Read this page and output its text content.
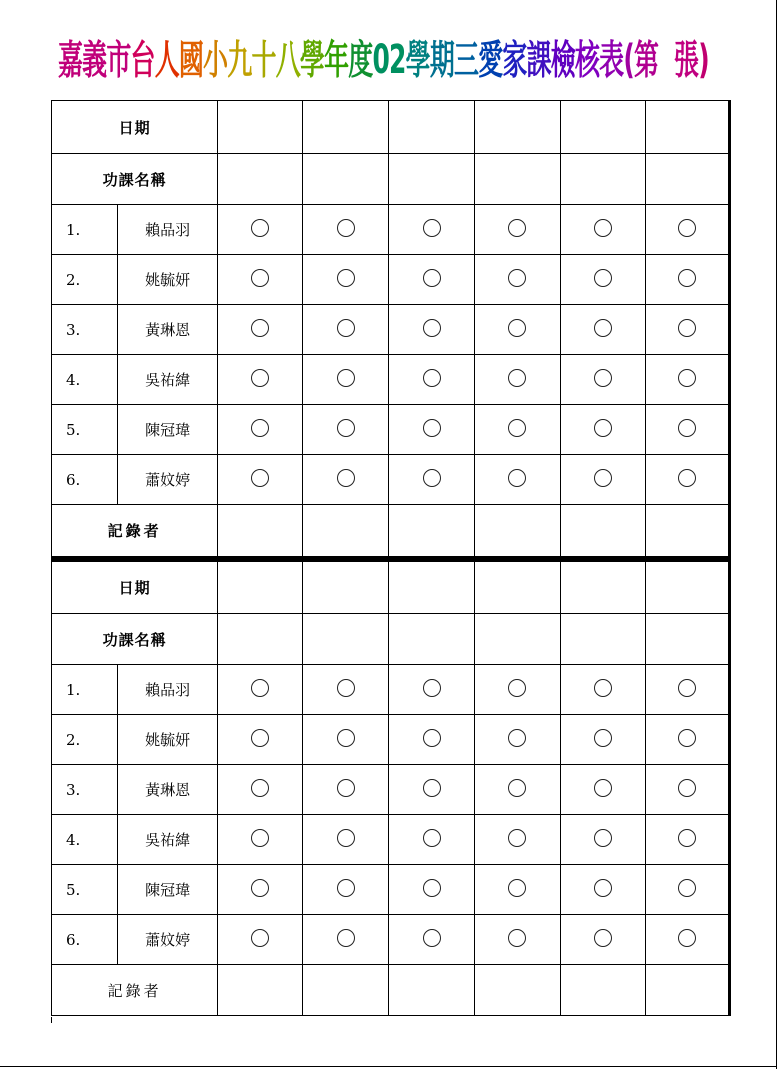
嘉義市台人國小九十八學年度02學期三愛家課檢核表(第 張)
日期							
功課名稱							
1.	賴品羽						
2.	姚毓妍						
3.	黃琳恩						
4.	吳祐緯						
5.	陳冠瑋						
6.	蕭妏婷						
記錄者							
日期							
功課名稱							
1.	賴品羽						
2.	姚毓妍						
3.	黃琳恩						
4.	吳祐緯						
5.	陳冠瑋						
6.	蕭妏婷						
記錄者							
